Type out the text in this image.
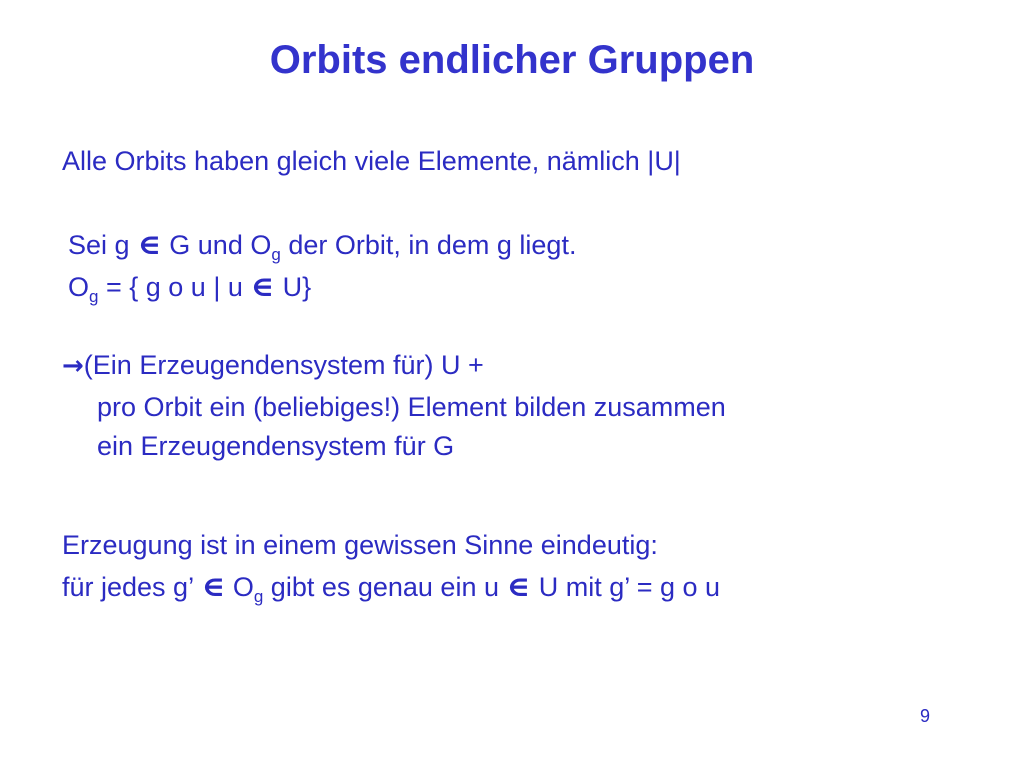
Orbits endlicher Gruppen
Alle Orbits haben gleich viele Elemente, nämlich |U|
Sei g ∈ G und $O_g$ der Orbit, in dem g liegt.
$O_g$ = { g o u | u ∈ U}
→(Ein Erzeugendensystem für) U +
pro Orbit ein (beliebiges!) Element bilden zusammen
ein Erzeugendensystem für G
Erzeugung ist in einem gewissen Sinne eindeutig:
für jedes g’ ∈ $O_g$ gibt es genau ein u ∈ U mit g’ = g o u
9
